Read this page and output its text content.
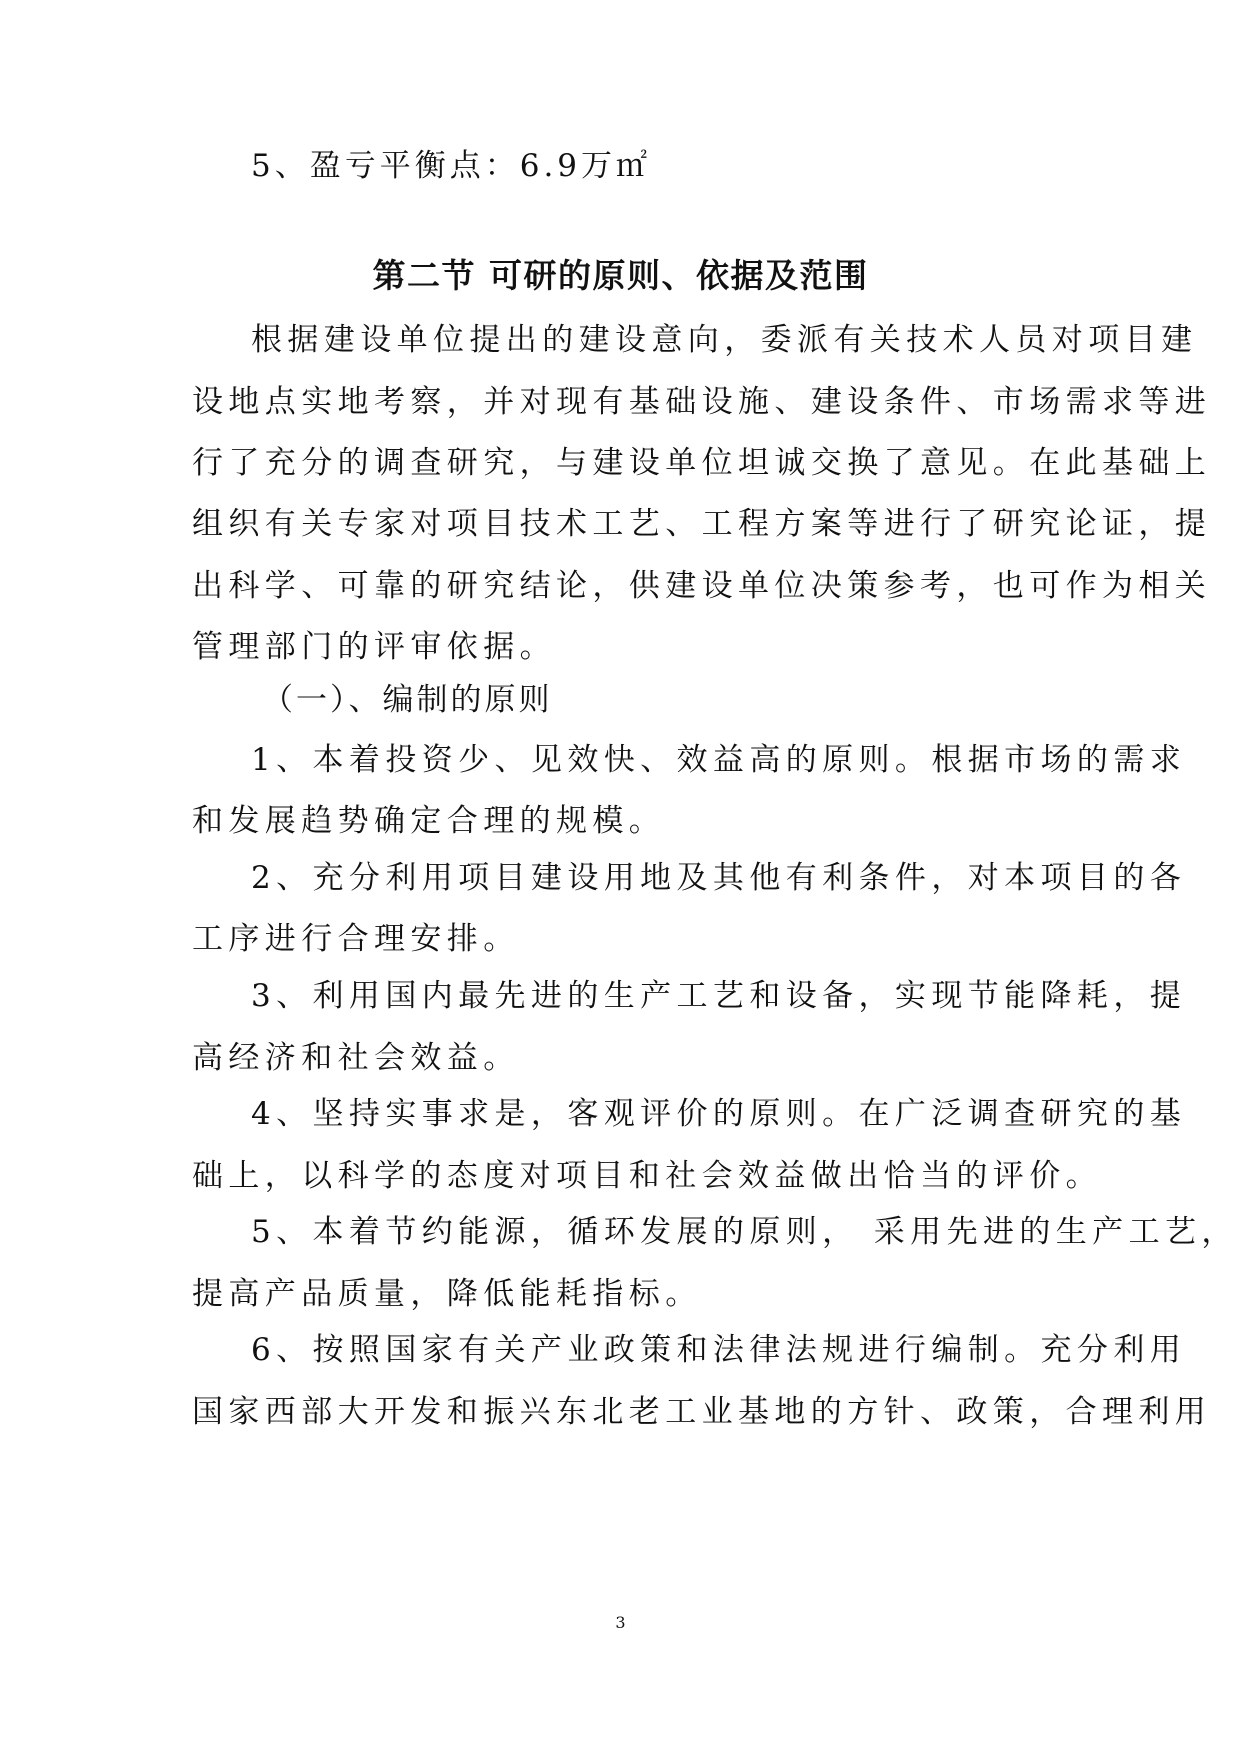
5、盈亏平衡点：6.9万㎡
第二节 可研的原则、依据及范围
根据建设单位提出的建设意向，委派有关技术人员对项目建
设地点实地考察，并对现有基础设施、建设条件、市场需求等进
行了充分的调查研究，与建设单位坦诚交换了意见。在此基础上
组织有关专家对项目技术工艺、工程方案等进行了研究论证，提
出科学、可靠的研究结论，供建设单位决策参考，也可作为相关
管理部门的评审依据。
（一）、编制的原则
1、本着投资少、见效快、效益高的原则。根据市场的需求
和发展趋势确定合理的规模。
2、充分利用项目建设用地及其他有利条件，对本项目的各
工序进行合理安排。
3、利用国内最先进的生产工艺和设备，实现节能降耗，提
高经济和社会效益。
4、坚持实事求是，客观评价的原则。在广泛调查研究的基
础上，以科学的态度对项目和社会效益做出恰当的评价。
5、本着节约能源，循环发展的原则， 采用先进的生产工艺，
提高产品质量，降低能耗指标。
6、按照国家有关产业政策和法律法规进行编制。充分利用
国家西部大开发和振兴东北老工业基地的方针、政策，合理利用
3
